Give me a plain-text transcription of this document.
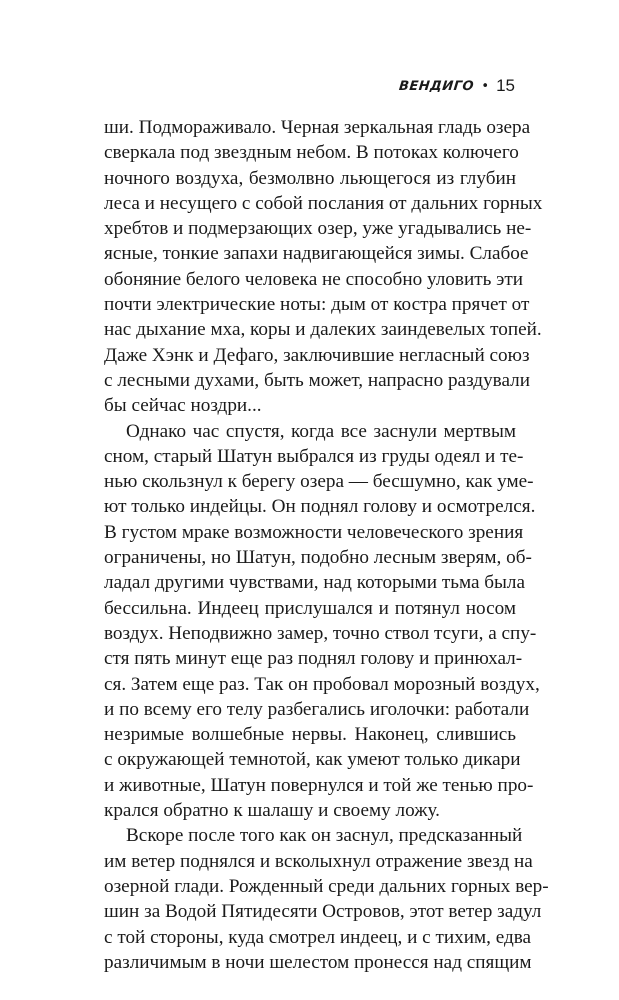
ВЕНДИГО • 15
ши. Подмораживало. Черная зеркальная гладь озера
сверкала под звездным небом. В потоках колючего
ночного воздуха, безмолвно льющегося из глубин
леса и несущего с собой послания от дальних горных
хребтов и подмерзающих озер, уже угадывались не-
ясные, тонкие запахи надвигающейся зимы. Слабое
обоняние белого человека не способно уловить эти
почти электрические ноты: дым от костра прячет от
нас дыхание мха, коры и далеких заиндевелых топей.
Даже Хэнк и Дефаго, заключившие негласный союз
с лесными духами, быть может, напрасно раздували
бы сейчас ноздри...
Однако час спустя, когда все заснули мертвым
сном, старый Шатун выбрался из груды одеял и те-
нью скользнул к берегу озера — бесшумно, как уме-
ют только индейцы. Он поднял голову и осмотрелся.
В густом мраке возможности человеческого зрения
ограничены, но Шатун, подобно лесным зверям, об-
ладал другими чувствами, над которыми тьма была
бессильна. Индеец прислушался и потянул носом
воздух. Неподвижно замер, точно ствол тсуги, а спу-
стя пять минут еще раз поднял голову и принюхал-
ся. Затем еще раз. Так он пробовал морозный воздух,
и по всему его телу разбегались иголочки: работали
незримые волшебные нервы. Наконец, слившись
с окружающей темнотой, как умеют только дикари
и животные, Шатун повернулся и той же тенью про-
крался обратно к шалашу и своему ложу.
Вскоре после того как он заснул, предсказанный
им ветер поднялся и всколыхнул отражение звезд на
озерной глади. Рожденный среди дальних горных вер-
шин за Водой Пятидесяти Островов, этот ветер задул
с той стороны, куда смотрел индеец, и с тихим, едва
различимым в ночи шелестом пронесся над спящим
